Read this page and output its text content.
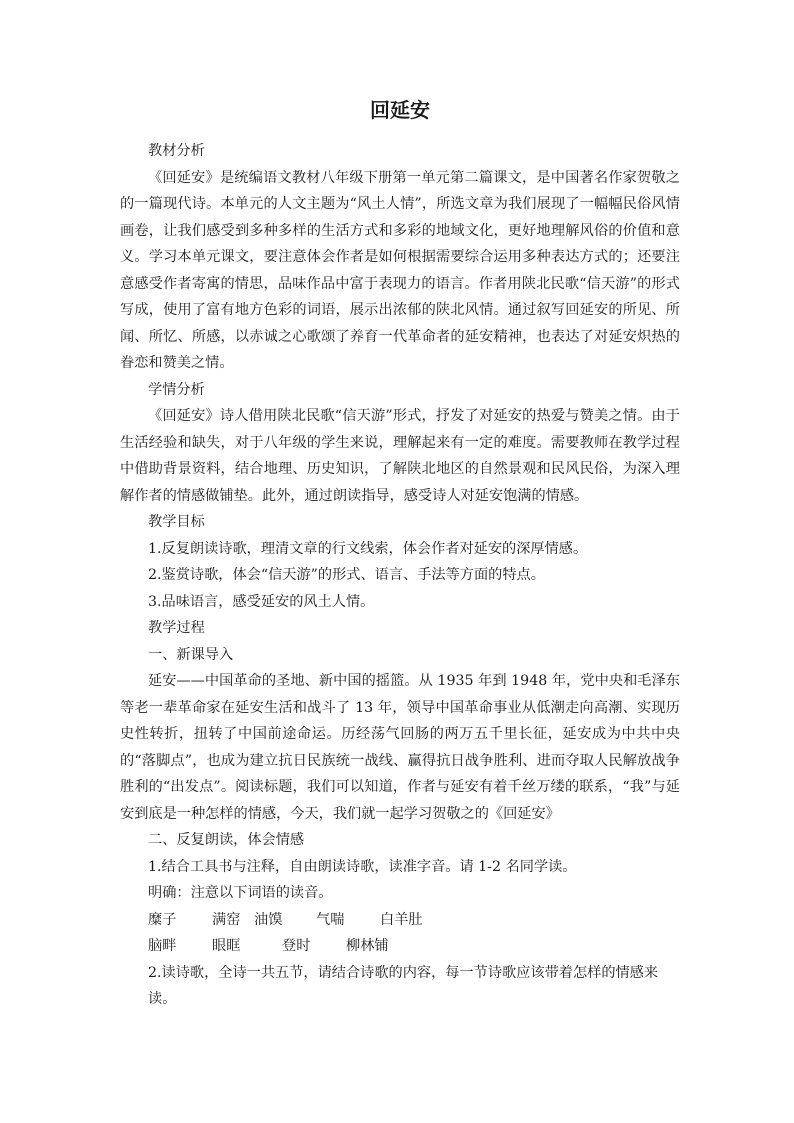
回延安

教材分析

《回延安》是统编语文教材八年级下册第一单元第二篇课文，是中国著名作家贺敬之的一篇现代诗。本单元的人文主题为“风土人情”，所选文章为我们展现了一幅幅民俗风情画卷，让我们感受到多种多样的生活方式和多彩的地域文化，更好地理解风俗的价值和意义。学习本单元课文，要注意体会作者是如何根据需要综合运用多种表达方式的；还要注意感受作者寄寓的情思，品味作品中富于表现力的语言。作者用陕北民歌“信天游”的形式写成，使用了富有地方色彩的词语，展示出浓郁的陕北风情。通过叙写回延安的所见、所闻、所忆、所感，以赤诚之心歌颂了养育一代革命者的延安精神，也表达了对延安炽热的眷恋和赞美之情。

学情分析

《回延安》诗人借用陕北民歌“信天游”形式，抒发了对延安的热爱与赞美之情。由于生活经验和缺失，对于八年级的学生来说，理解起来有一定的难度。需要教师在教学过程中借助背景资料，结合地理、历史知识，了解陕北地区的自然景观和民风民俗，为深入理解作者的情感做铺垫。此外，通过朗读指导，感受诗人对延安饱满的情感。

教学目标

1.反复朗读诗歌，理清文章的行文线索，体会作者对延安的深厚情感。

2.鉴赏诗歌，体会“信天游”的形式、语言、手法等方面的特点。

3.品味语言，感受延安的风土人情。

教学过程

一、新课导入

延安——中国革命的圣地、新中国的摇篮。从 1935 年到 1948 年，党中央和毛泽东等老一辈革命家在延安生活和战斗了 13 年，领导中国革命事业从低潮走向高潮、实现历史性转折，扭转了中国前途命运。历经荡气回肠的两万五千里长征，延安成为中共中央的“落脚点”，也成为建立抗日民族统一战线、赢得抗日战争胜利、进而夺取人民解放战争胜利的“出发点”。阅读标题，我们可以知道，作者与延安有着千丝万缕的联系，“我”与延安到底是一种怎样的情感，今天，我们就一起学习贺敬之的《回延安》

二、反复朗读，体会情感

1.结合工具书与注释，自由朗读诗歌，读准字音。请 1-2 名同学读。

明确：注意以下词语的读音。

糜子	满窑 油馍 气喘	白羊肚

脑畔	眼眶	登时	柳林铺

2.读诗歌，全诗一共五节，请结合诗歌的内容，每一节诗歌应该带着怎样的情感来读。
